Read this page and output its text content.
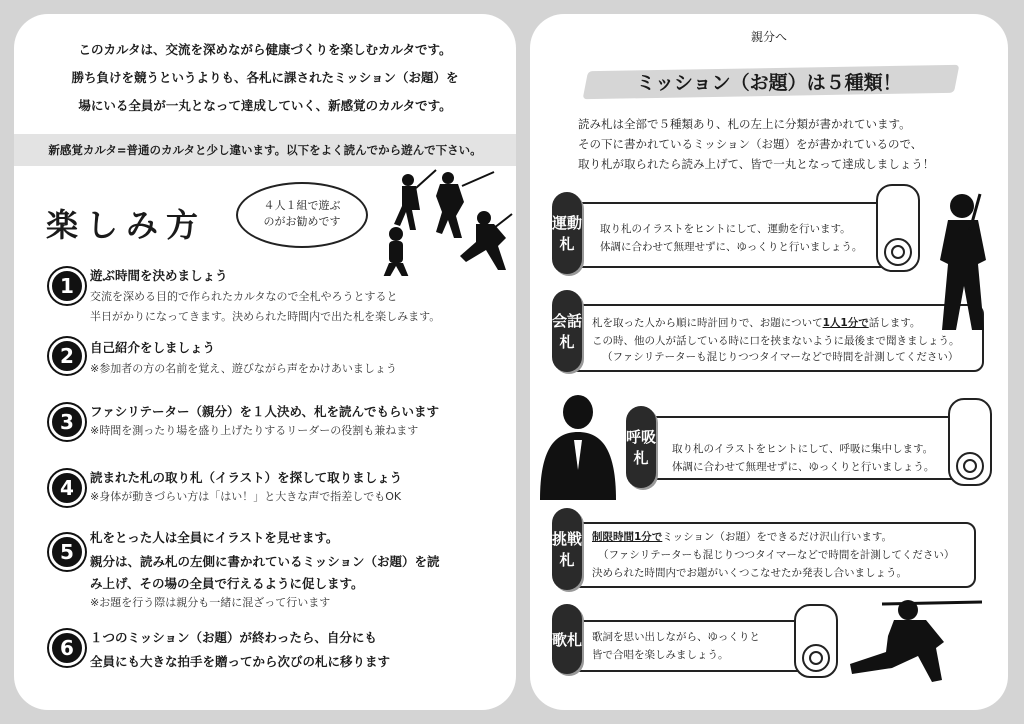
このカルタは、交流を深めながら健康づくりを楽しむカルタです。
勝ち負けを競うというよりも、各札に課されたミッション（お題）を
場にいる全員が一丸となって達成していく、新感覚のカルタです。
新感覚カルタ=普通のカルタと少し違います。以下をよく読んでから遊んで下さい。
楽しみ方
４人１組で遊ぶ
のがお勧めです
1	遊ぶ時間を決めましょう
交流を深める目的で作られたカルタなので全札やろうとすると
半日がかりになってきます。決められた時間内で出た札を楽しみます。
2	自己紹介をしましょう
※参加者の方の名前を覚え、遊びながら声をかけあいましょう
3	ファシリテーター（親分）を１人決め、札を読んでもらいます
※時間を測ったり場を盛り上げたりするリーダーの役割も兼ねます
4	読まれた札の取り札（イラスト）を探して取りましょう
※身体が動きづらい方は「はい！」と大きな声で指差しでもOK
5
札をとった人は全員にイラストを見せます。
親分は、読み札の左側に書かれているミッション（お題）を読
み上げ、その場の全員で行えるように促します。
※お題を行う際は親分も一緒に混ざって行います
6	１つのミッション（お題）が終わったら、自分にも
全員にも大きな拍手を贈ってから次びの札に移ります
親分へ
ミッション（お題）は５種類！
読み札は全部で５種類あり、札の左上に分類が書かれています。
その下に書かれているミッション（お題）をが書かれているので、
取り札が取られたら読み上げて、皆で一丸となって達成しましょう！
運動札
取り札のイラストをヒントにして、運動を行います。
体調に合わせて無理せずに、ゆっくりと行いましょう。
会話札
札を取った人から順に時計回りで、お題について1人1分で話します。
この時、他の人が話している時に口を挟まないように最後まで聞きましょう。
（ファシリテーターも混じりつつタイマーなどで時間を計測してください）
呼吸札	取り札のイラストをヒントにして、呼吸に集中します。
体調に合わせて無理せずに、ゆっくりと行いましょう。
挑戦札
制限時間1分でミッション（お題）をできるだけ沢山行います。
（ファシリテーターも混じりつつタイマーなどで時間を計測してください）
決められた時間内でお題がいくつこなせたか発表し合いましょう。
歌札 歌詞を思い出しながら、ゆっくりと
皆で合唱を楽しみましょう。
